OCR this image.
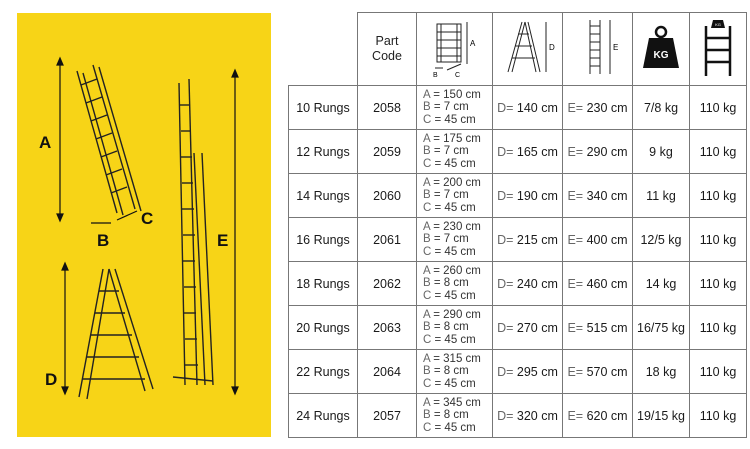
A
B
C
D
E

	Part
Code	A
B C	D	E	KG	KG

10 Rungs	2058	A = 150 cm
B = 7 cm
C = 45 cm	D= 140 cm	E= 230 cm	7/8 kg	110 kg
12 Rungs	2059	A = 175 cm
B = 7 cm
C = 45 cm	D= 165 cm	E= 290 cm	9 kg	110 kg
14 Rungs	2060	A = 200 cm
B = 7 cm
C = 45 cm	D= 190 cm	E= 340 cm	11 kg	110 kg
16 Rungs	2061	A = 230 cm
B = 7 cm
C = 45 cm	D= 215 cm	E= 400 cm	12/5 kg	110 kg
18 Rungs	2062	A = 260 cm
B = 8 cm
C = 45 cm	D= 240 cm	E= 460 cm	14 kg	110 kg
20 Rungs	2063	A = 290 cm
B = 8 cm
C = 45 cm	D= 270 cm	E= 515 cm	16/75 kg	110 kg
22 Rungs	2064	A = 315 cm
B = 8 cm
C = 45 cm	D= 295 cm	E= 570 cm	18 kg	110 kg
24 Rungs	2057	A = 345 cm
B = 8 cm
C = 45 cm	D= 320 cm	E= 620 cm	19/15 kg	110 kg
